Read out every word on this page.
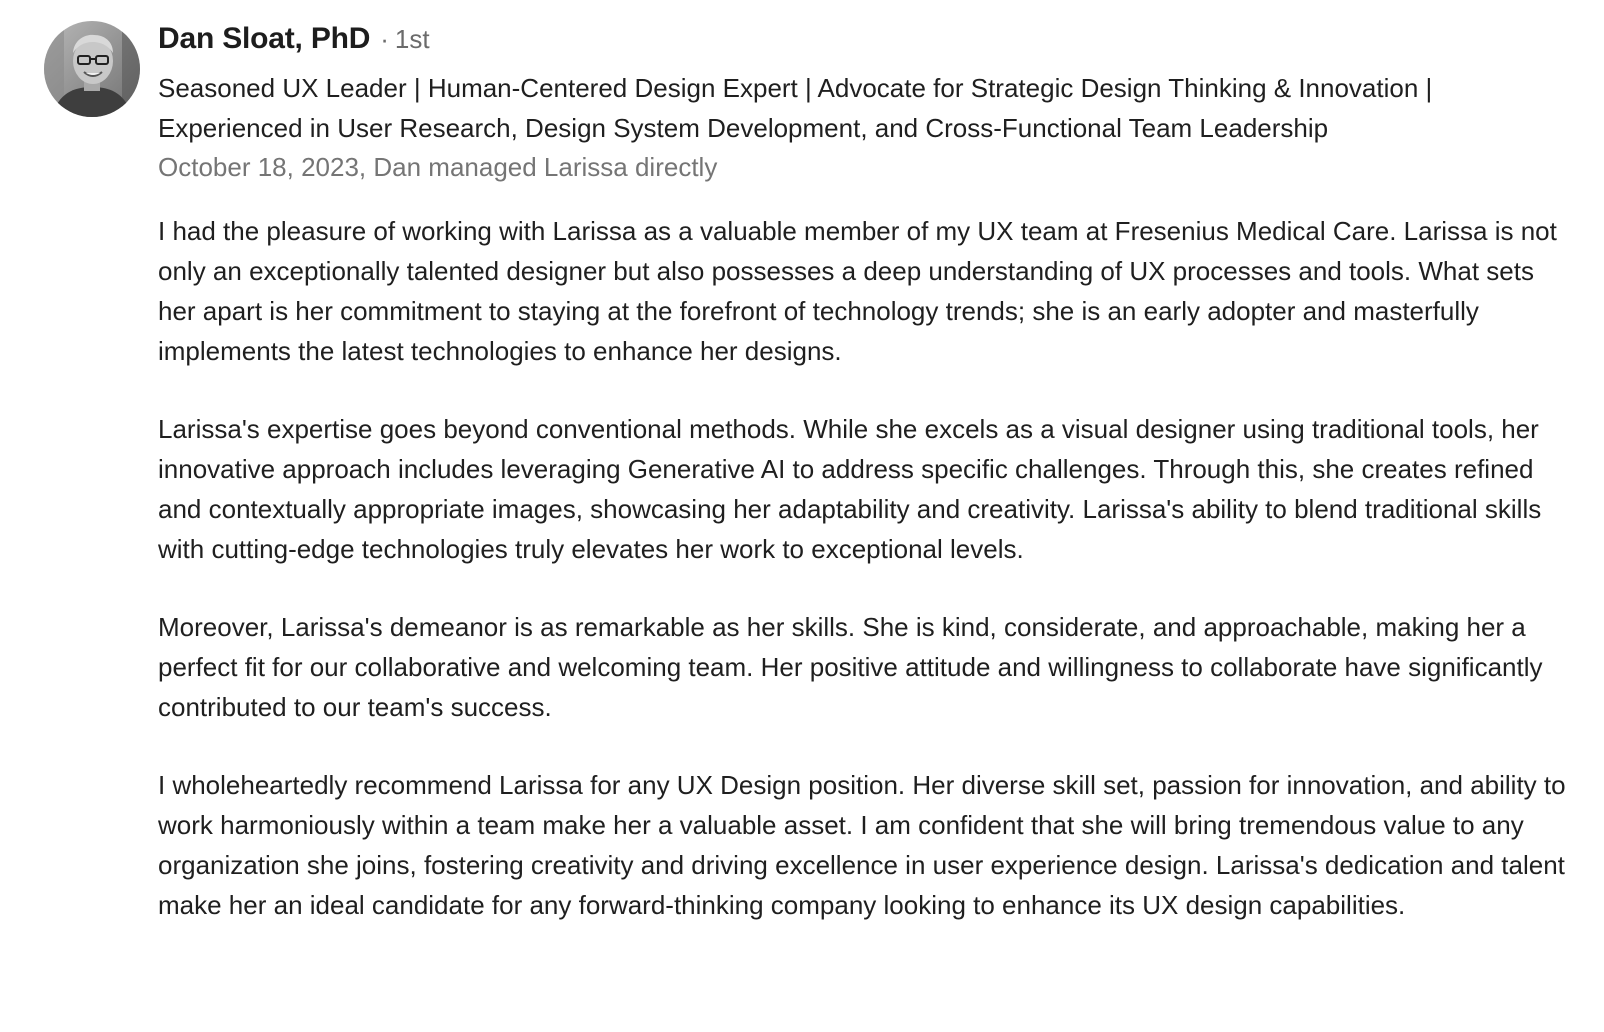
Dan Sloat, PhD · 1st
Seasoned UX Leader | Human-Centered Design Expert | Advocate for Strategic Design Thinking & Innovation | Experienced in User Research, Design System Development, and Cross-Functional Team Leadership
October 18, 2023, Dan managed Larissa directly

I had the pleasure of working with Larissa as a valuable member of my UX team at Fresenius Medical Care. Larissa is not only an exceptionally talented designer but also possesses a deep understanding of UX processes and tools. What sets her apart is her commitment to staying at the forefront of technology trends; she is an early adopter and masterfully implements the latest technologies to enhance her designs.

Larissa's expertise goes beyond conventional methods. While she excels as a visual designer using traditional tools, her innovative approach includes leveraging Generative AI to address specific challenges. Through this, she creates refined and contextually appropriate images, showcasing her adaptability and creativity. Larissa's ability to blend traditional skills with cutting-edge technologies truly elevates her work to exceptional levels.

Moreover, Larissa's demeanor is as remarkable as her skills. She is kind, considerate, and approachable, making her a perfect fit for our collaborative and welcoming team. Her positive attitude and willingness to collaborate have significantly contributed to our team's success.

I wholeheartedly recommend Larissa for any UX Design position. Her diverse skill set, passion for innovation, and ability to work harmoniously within a team make her a valuable asset. I am confident that she will bring tremendous value to any organization she joins, fostering creativity and driving excellence in user experience design. Larissa's dedication and talent make her an ideal candidate for any forward-thinking company looking to enhance its UX design capabilities.
